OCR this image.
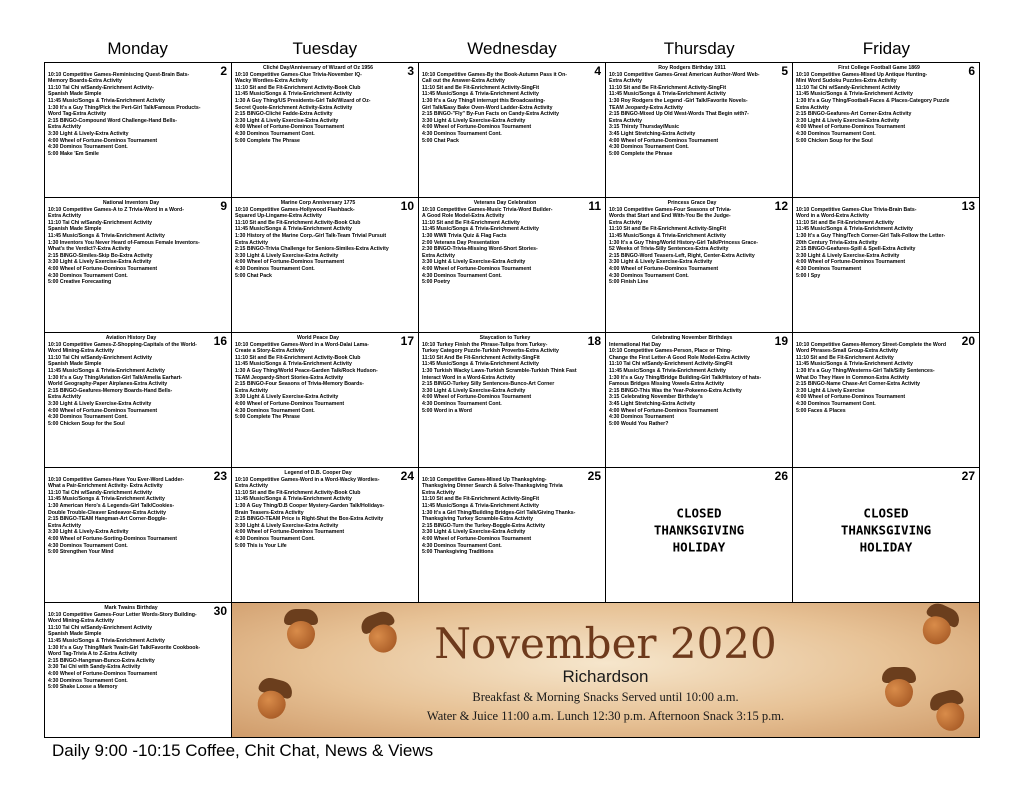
Monday	Tuesday	Wednesday	Thursday	Friday
2
10:10 Competitive Games-Reminiscing Quest-Brain Bats-
Memory Boards-Extra Activity
11:10 Tai Chi w/Sandy-Enrichment Activity-
Spanish Made Simple
11:45 Music/Songs & Trivia-Enrichment Activity
1:30 It's a Guy Thing/Pick the Pert-Girl Talk/Famous Products-
Word Tag-Extra Activity
2:15 BINGO-Compound Word Challenge-Hand Bells-
Extra Activity
3:30 Light & Lively-Extra Activity
4:00 Wheel of Fortune-Dominos Tournament
4:30 Dominos Tournament Cont.
5:00 Make 'Em Smile
3
Cliché Day/Anniversary of Wizard of Oz 1956
10:10 Competitive Games-Clue Trivia-November IQ-
Wacky Wordies-Extra Activity
11:10 Sit and Be Fit-Enrichment Activity-Book Club
11:45 Music/Songs & Trivia-Enrichment Activity
1:30 A Guy Thing/US Presidents-Girl Talk/Wizard of Oz-
Secret Quote-Enrichment Activity-Extra Activity
2:15 BINGO-Cliché Fadde-Extra Activity
3:30 Light & Lively Exercise-Extra Activity
4:00 Wheel of Fortune-Dominos Tournament
4:30 Dominos Tournament Cont.
5:00 Complete The Phrase
4
10:10 Competitive Games-By the Book-Autumn Pass it On-
Call out the Answer-Extra Activity
11:10 Sit and Be Fit-Enrichment Activity-SingFit
11:45 Music/Songs & Trivia-Enrichment Activity
1:30 It's a Guy Thing/I interrupt this Broadcasting-
Girl Talk/Easy Bake Oven-Word Ladder-Extra Activity
2:15 BINGO-"Fly" By-Fun Facts on Candy-Extra Activity
3:30 Light & Lively Exercise-Extra Activity
4:00 Wheel of Fortune-Dominos Tournament
4:30 Dominos Tournament Cont.
5:00 Chat Pack
5
Roy Rodgers Birthday 1911
10:10 Competitive Games-Great American Author-Word Web-
Extra Activity
11:10 Sit and Be Fit-Enrichment Activity-SingFit
11:45 Music/Songs & Trivia-Enrichment Activity
1:30 Roy Rodgers the Legend -Girl Talk/Favorite Novels-
TEAM Jeopardy-Extra Activity
2:15 BINGO-Mixed Up Old West-Words That Begin with7-
Extra Activity
3:15 Thirsty Thursday/Music
3:45 Light Stretching-Extra Activity
4:00 Wheel of Fortune-Dominos Tournament
4:30 Dominos Tournament Cont.
5:00 Complete the Phrase
6
First College Football Game 1869
10:10 Competitive Games-Mixed Up Antique Hunting-
Mini Word Sudoku Puzzles-Extra Activity
11:10 Tai Chi w/Sandy-Enrichment Activity
11:45 Music/Songs & Trivia-Enrichment Activity
1:30 It's a Guy Thing/Football-Faces & Places-Category Puzzle
Extra Activity
2:15 BINGO-Geafures-Art Corner-Extra Activity
3:30 Light & Lively Exercise-Extra Activity
4:00 Wheel of Fortune-Dominos Tournament
4:30 Dominos Tournament Cont.
5:00 Chicken Soup for the Soul
9
National Inventors Day
10:10 Competitive Games-A to Z Trivia-Word in a Word-
Extra Activity
11:10 Tai Chi w/Sandy-Enrichment Activity
Spanish Made Simple
11:45 Music/Songs & Trivia-Enrichment Activity
1:30 Inventors You Never Heard of-Famous Female Inventors-
What's the Verdict?-Extra Activity
2:15 BINGO-Similes-Skip Bo-Extra Activity
3:30 Light & Lively Exercise-Extra Activity
4:00 Wheel of Fortune-Dominos Tournament
4:30 Dominos Tournament Cont.
5:00 Creative Forecasting
10
Marine Corp Anniversary 1775
10:10 Competitive Games-Hollywood Flashback-
Squared Up-Lingame-Extra Activity
11:10 Sit and Be Fit-Enrichment Activity-Book Club
11:45 Music/Songs & Trivia-Enrichment Activity
1:30 History of the Marine Corp.-Girl Talk-Team Trivial Pursuit
Extra Activity
2:15 BINGO-Trivia Challenge for Seniors-Similes-Extra Activity
3:30 Light & Lively Exercise-Extra Activity
4:00 Wheel of Fortune-Dominos Tournament
4:30 Dominos Tournament Cont.
5:00 Chat Pack
11
Veterans Day Celebration
10:10 Competitive Games-Music Trivia-Word Builder-
A Good Role Model-Extra Activity
11:10 Sit and Be Fit-Enrichment Activity
11:45 Music/Songs & Trivia-Enrichment Activity
1:30 WWII Trivia Quiz & Flag Facts
2:00 Veterans Day Presentation
2:30 BINGO-Trivia-Missing Word-Short Stories-
Extra Activity
3:30 Light & Lively Exercise-Extra Activity
4:00 Wheel of Fortune-Dominos Tournament
4:30 Dominos Tournament Cont.
5:00 Poetry
12
Princess Grace Day
10:10 Competitive Games-Four Seasons of Trivia-
Words that Start and End With-You Be the Judge-
Extra Activity
11:10 Sit and Be Fit-Enrichment Activity-SingFit
11:45 Music/Songs & Trivia-Enrichment Activity
1:30 It's a Guy Thing/World History-Girl Talk/Princess Grace-
52 Weeks of Trivia-Silly Sentences-Extra Activity
2:15 BINGO-Word Teasers-Left, Right, Center-Extra Activity
3:30 Light & Lively Exercise-Extra Activity
4:00 Wheel of Fortune-Dominos Tournament
4:30 Dominos Tournament Cont.
5:00 Finish Line
13
10:10 Competitive Games-Clue Trivia-Brain Bats-
Word in a Word-Extra Activity
11:10 Sit and Be Fit-Enrichment Activity
11:45 Music/Songs & Trivia-Enrichment Activity
1:30 It's a Guy Thing/Tech Corner-Girl Talk-Follow the Letter-
20th Century Trivia-Extra Activity
2:15 BINGO-Geafures-Spill & Spell-Extra Activity
3:30 Light & Lively Exercise-Extra Activity
4:00 Wheel of Fortune-Dominos Tournament
4:30 Dominos Tournament
5:00 I Spy
16
Aviation History Day
10:10 Competitive Games-Z-Shopping-Capitals of the World-
Word Mining-Extra Activity
11:10 Tai Chi w/Sandy-Enrichment Activity
Spanish Made Simple
11:45 Music/Songs & Trivia-Enrichment Activity
1:30 It's a Guy Thing/Aviation-Girl Talk/Amelia Earhart-
World Geography-Paper Airplanes-Extra Activity
2:15 BINGO-Geafures-Memory Boards-Hand Bells-
Extra Activity
3:30 Light & Lively Exercise-Extra Activity
4:00 Wheel of Fortune-Dominos Tournament
4:30 Dominos Tournament Cont.
5:00 Chicken Soup for the Soul
17
World Peace Day
10:10 Competitive Games-Word in a Word-Dalai Lama-
Create a Story-Extra Activity
11:10 Sit and Be Fit-Enrichment Activity-Book Club
11:45 Music/Songs & Trivia-Enrichment Activity
1:30 A Guy Thing/World Peace-Garden Talk/Rock Hudson-
TEAM Jeopardy-Short Stories-Extra Activity
2:15 BINGO-Four Seasons of Trivia-Memory Boards-
Extra Activity
3:30 Light & Lively Exercise-Extra Activity
4:00 Wheel of Fortune-Dominos Tournament
4:30 Dominos Tournament Cont.
5:00 Complete The Phrase
18
Staycation to Turkey
10:10 Turkey Finish the Phrase-Tulips from Turkey-
Turkey Category Puzzle-Turkish Proverbs-Extra Activity
11:10 Sit And Be Fit-Enrichment Activity-SingFit
11:45 Music/Songs & Trivia-Enrichment Activity
1:30 Turkish Wacky Laws-Turkish Scramble-Turkish Think Fast
Interact Word in a Word-Extra Activity
2:15 BINGO-Turkey Silly Sentences-Bunco-Art Corner
3:30 Light & Lively Exercise-Extra Activity
4:00 Wheel of Fortune-Dominos Tournament
4:30 Dominos Tournament Cont.
5:00 Word in a Word
19
Celebrating November Birthdays
International Hat Day
10:10 Competitive Games-Person, Place or Thing-
Change the First Letter-A Good Role Model-Extra Activity
11:10 Tai Chi w/Sandy-Enrichment Activity-SingFit
11:45 Music/Songs & Trivia-Enrichment Activity
1:30 It's a Guy Thing/Bridge Building-Girl Talk/History of hats-
Famous Bridges Missing Vowels-Extra Activity
2:15 BINGO-This Was the Year-Pokeeno-Extra Activity
3:15 Celebrating November Birthday's
3:45 Light Stretching-Extra Activity
4:00 Wheel of Fortune-Dominos Tournament
4:30 Dominos Tournament
5:00 Would You Rather?
20
10:10 Competitive Games-Memory Street-Complete the Word
Word Phrases-Small Group-Extra Activity
11:10 Sit and Be Fit-Enrichment Activity
11:45 Music/Songs & Trivia-Enrichment Activity
1:30 It's a Guy Thing/Westerns-Girl Talk/Silly Sentences-
What Do They Have in Common-Extra Activity
2:15 BINGO-Name Chase-Art Corner-Extra Activity
3:30 Light & Lively Exercise
4:00 Wheel of Fortune-Dominos Tournament
4:30 Dominos Tournament Cont.
5:00 Faces & Places
23
10:10 Competitive Games-Have You Ever-Word Ladder-
What a Pair-Enrichment Activity- Extra Activity
11:10 Tai Chi w/Sandy-Enrichment Activity
11:45 Music/Songs & Trivia-Enrichment Activity
1:30 American Hero's & Legends-Girl Talk/Cookies-
Double Trouble-Cleaver Endeavor-Extra Activity
2:15 BINGO-TEAM Hangman-Art Corner-Boggle-
Extra Activity
3:30 Light & Lively-Extra Activity
4:00 Wheel of Fortune-Sorting-Dominos Tournament
4:30 Dominos Tournament Cont.
5:00 Strengthen Your Mind
24
Legend of D.B. Cooper Day
10:10 Competitive Games-Word in a Word-Wacky Wordies-
Extra Activity
11:10 Sit and Be Fit-Enrichment Activity-Book Club
11:45 Music/Songs & Trivia-Enrichment Activity
1:30 A Guy Thing/D.B Cooper Mystery-Garden Talk/Holidays-
Brain Teasers-Extra Activity
2:15 BINGO-TEAM Price is Right-Shut the Box-Extra Activity
3:30 Light & Lively Exercise-Extra Activity
4:00 Wheel of Fortune-Dominos Tournament
4:30 Dominos Tournament Cont.
5:00 This is Your Life
25
10:10 Competitive Games-Mixed Up Thanksgiving-
Thanksgiving Dinner Search & Solve-Thanksgiving Trivia
Extra Activity
11:10 Sit and Be Fit-Enrichment Activity-SingFit
11:45 Music/Songs & Trivia-Enrichment Activity
1:30 It's a Girl Thing/Building Bridges-Girl Talk/Giving Thanks-
Thanksgiving Turkey Scramble-Extra Activity
2:15 BINGO-Turn the Turkey-Boggle-Extra Activity
3:30 Light & Lively Exercise-Extra Activity
4:00 Wheel of Fortune-Dominos Tournament
4:30 Dominos Tournament Cont.
5:00 Thanksgiving Traditions
26
CLOSED
THANKSGIVING
HOLIDAY
27
CLOSED
THANKSGIVING
HOLIDAY
30
Mark Twains Birthday
10:10 Competitive Games-Four Letter Words-Story Building-
Word Mining-Extra Activity
11:10 Tai Chi w/Sandy-Enrichment Activity
Spanish Made Simple
11:45 Music/Songs & Trivia-Enrichment Activity
1:30 It's a Guy Thing/Mark Twain-Girl Talk/Favorite Cookbook-
Word Tag-Trivia A to Z-Extra Activity
2:15 BINGO-Hangman-Bunco-Extra Activity
3:30 Tai Chi with Sandy-Extra Activity
4:00 Wheel of Fortune-Dominos Tournament
4:30 Dominos Tournament Cont.
5:00 Shake Loose a Memory
November 2020
Richardson
Breakfast & Morning Snacks Served until 10:00 a.m.
Water & Juice 11:00 a.m. Lunch 12:30 p.m. Afternoon Snack 3:15 p.m.
Daily 9:00 -10:15 Coffee, Chit Chat, News & Views
